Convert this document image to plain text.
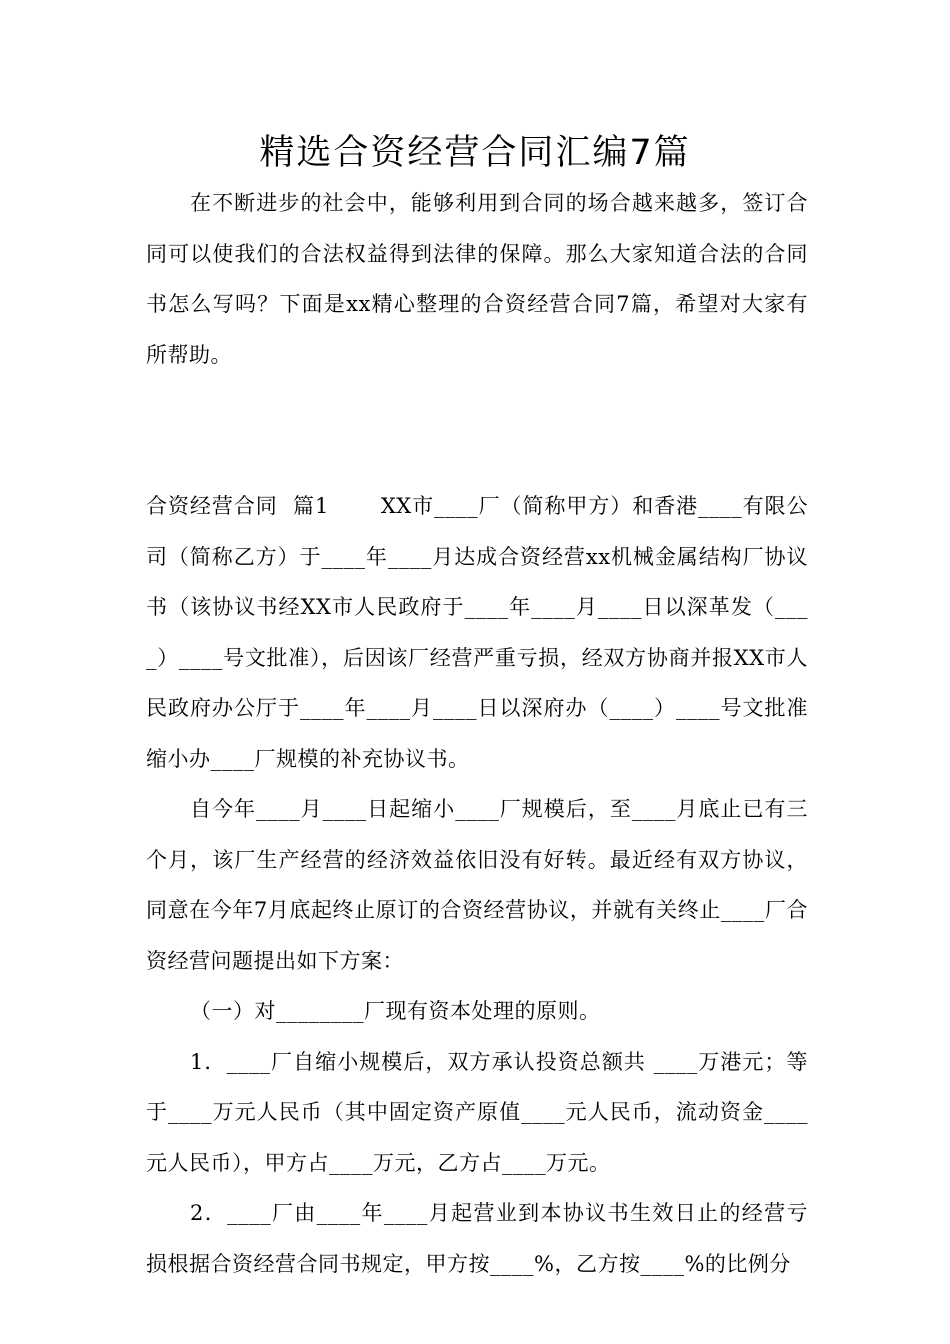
精选合资经营合同汇编7篇

在不断进步的社会中，能够利用到合同的场合越来越多，签订合同可以使我们的合法权益得到法律的保障。那么大家知道合法的合同书怎么写吗？下面是xx精心整理的合资经营合同7篇，希望对大家有所帮助。

合资经营合同  篇1 XX市____厂（简称甲方）和香港____有限公司（简称乙方）于____年____月达成合资经营xx机械金属结构厂协议书（该协议书经XX市人民政府于____年____月____日以深革发（____）____号文批准），后因该厂经营严重亏损，经双方协商并报XX市人民政府办公厅于____年____月____日以深府办（____）____号文批准缩小办____厂规模的补充协议书。

自今年____月____日起缩小____厂规模后，至____月底止已有三个月，该厂生产经营的经济效益依旧没有好转。最近经有双方协议，同意在今年7月底起终止原订的合资经营协议，并就有关终止____厂合资经营问题提出如下方案：

（一）对________厂现有资本处理的原则。

1．____厂自缩小规模后，双方承认投资总额共 ____万港元；等于____万元人民币（其中固定资产原值____元人民币，流动资金____元人民币），甲方占____万元，乙方占____万元。

2．____厂由____年____月起营业到本协议书生效日止的经营亏损根据合资经营合同书规定，甲方按____%，乙方按____%的比例分
